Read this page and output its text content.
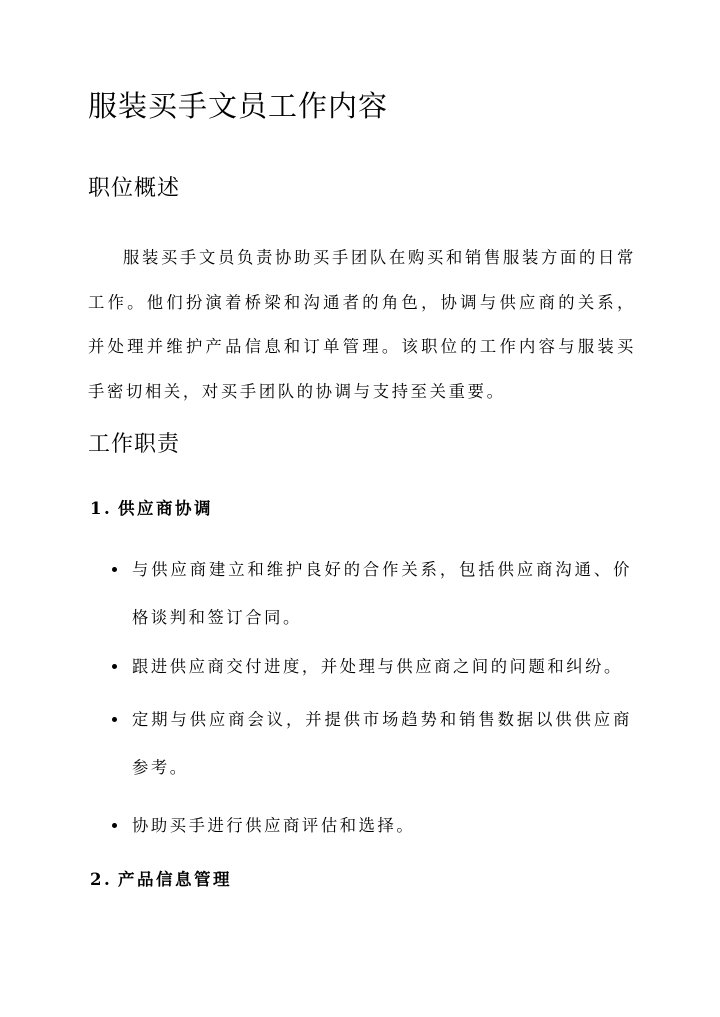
服装买手文员工作内容
职位概述

服装买手文员负责协助买手团队在购买和销售服装方面的日常工作。他们扮演着桥梁和沟通者的角色，协调与供应商的关系，并处理并维护产品信息和订单管理。该职位的工作内容与服装买手密切相关，对买手团队的协调与支持至关重要。

工作职责
1. 供应商协调
与供应商建立和维护良好的合作关系，包括供应商沟通、价格谈判和签订合同。
跟进供应商交付进度，并处理与供应商之间的问题和纠纷。
定期与供应商会议，并提供市场趋势和销售数据以供供应商参考。
协助买手进行供应商评估和选择。
2. 产品信息管理
